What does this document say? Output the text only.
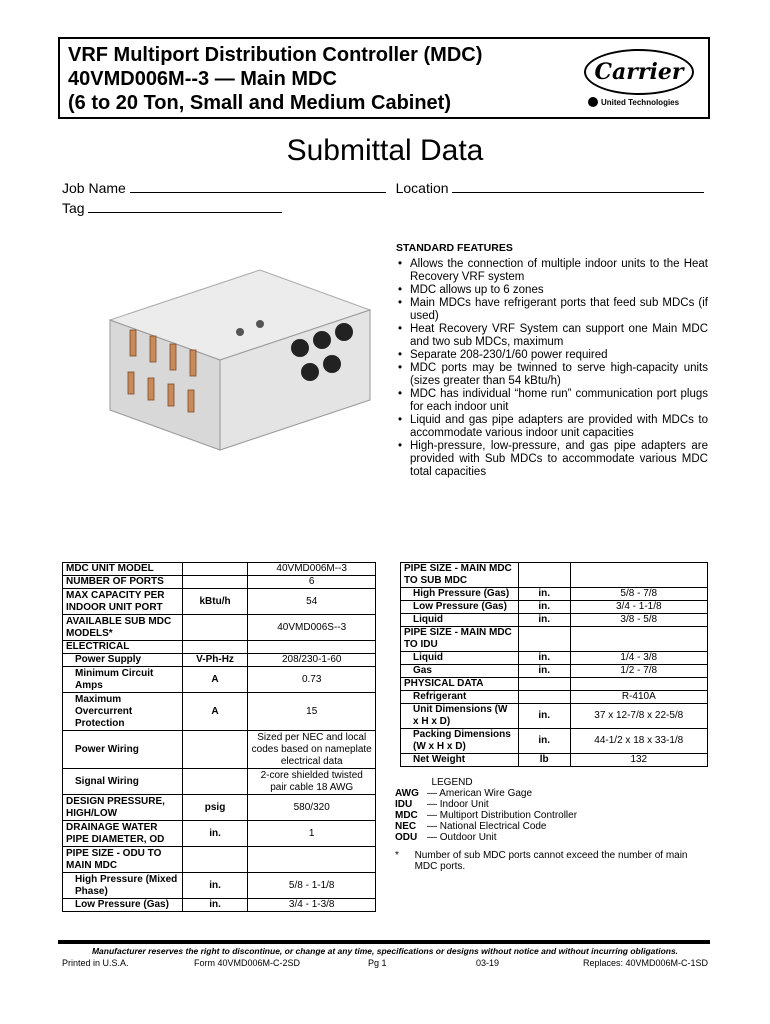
VRF Multiport Distribution Controller (MDC)
40VMD006M--3 — Main MDC
(6 to 20 Ton, Small and Medium Cabinet)
Carrier
United Technologies
Submittal Data
Job Name	Location
Tag
STANDARD FEATURES
• Allows the connection of multiple indoor units to the Heat Recovery VRF system
• MDC allows up to 6 zones
• Main MDCs have refrigerant ports that feed sub MDCs (if used)
• Heat Recovery VRF System can support one Main MDC and two sub MDCs, maximum
• Separate 208-230/1/60 power required
• MDC ports may be twinned to serve high-capacity units (sizes greater than 54 kBtu/h)
• MDC has individual “home run” communication port plugs for each indoor unit
• Liquid and gas pipe adapters are provided with MDCs to accommodate various indoor unit capacities
• High-pressure, low-pressure, and gas pipe adapters are provided with Sub MDCs to accommodate various MDC total capacities
MDC UNIT MODEL		40VMD006M--3
NUMBER OF PORTS		6
MAX CAPACITY PER INDOOR UNIT PORT	kBtu/h	54
AVAILABLE SUB MDC MODELS*		40VMD006S--3
ELECTRICAL		
Power Supply	V-Ph-Hz	208/230-1-60
Minimum Circuit Amps	A	0.73
Maximum Overcurrent Protection	A	15
Power Wiring		Sized per NEC and local codes based on nameplate electrical data
Signal Wiring		2-core shielded twisted pair cable 18 AWG
DESIGN PRESSURE, HIGH/LOW	psig	580/320
DRAINAGE WATER PIPE DIAMETER, OD	in.	1
PIPE SIZE - ODU TO MAIN MDC		
High Pressure (Mixed Phase)	in.	5/8 - 1-1/8
Low Pressure (Gas)	in.	3/4 - 1-3/8
PIPE SIZE - MAIN MDC TO SUB MDC		
High Pressure (Gas)	in.	5/8 - 7/8
Low Pressure (Gas)	in.	3/4 - 1-1/8
Liquid	in.	3/8 - 5/8
PIPE SIZE - MAIN MDC TO IDU		
Liquid	in.	1/4 - 3/8
Gas	in.	1/2 - 7/8
PHYSICAL DATA		
Refrigerant		R-410A
Unit Dimensions (W x H x D)	in.	37 x 12-7/8 x 22-5/8
Packing Dimensions (W x H x D)	in.	44-1/2 x 18 x 33-1/8
Net Weight	lb	132
LEGEND
AWG — American Wire Gage
IDU	— Indoor Unit
MDC — Multiport Distribution Controller
NEC	— National Electrical Code
ODU — Outdoor Unit
*	Number of sub MDC ports cannot exceed the number of main MDC ports.
Manufacturer reserves the right to discontinue, or change at any time, specifications or designs without notice and without incurring obligations.
Printed in U.S.A.	Form 40VMD006M-C-2SD	Pg 1	03-19	Replaces: 40VMD006M-C-1SD
